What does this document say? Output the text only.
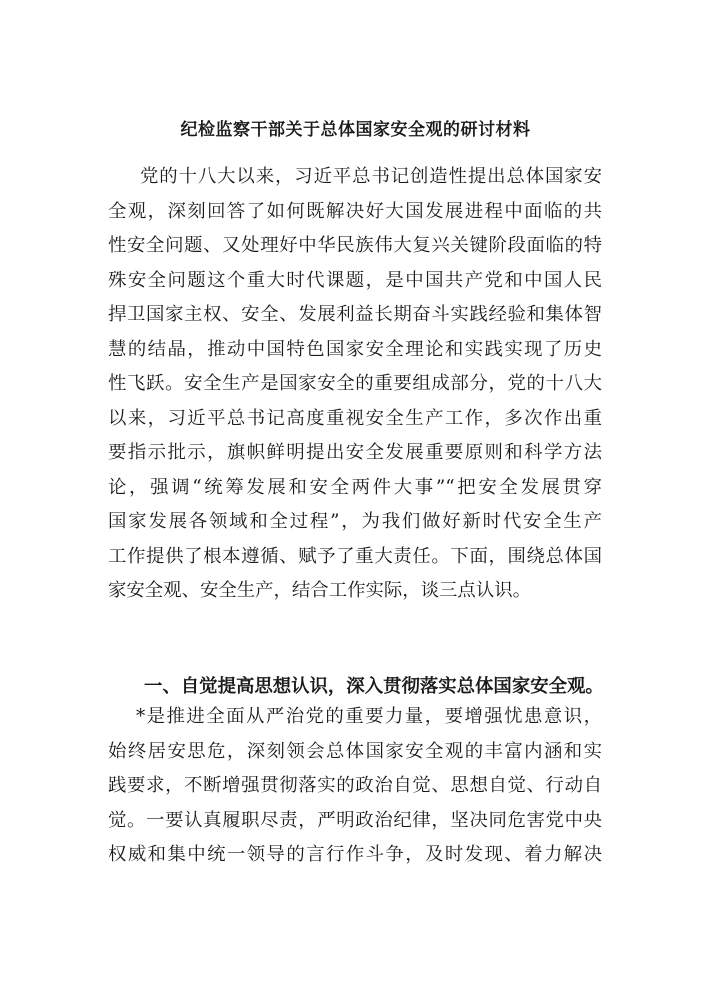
纪检监察干部关于总体国家安全观的研讨材料
党的十八大以来，习近平总书记创造性提出总体国家安
全观，深刻回答了如何既解决好大国发展进程中面临的共
性安全问题、又处理好中华民族伟大复兴关键阶段面临的特
殊安全问题这个重大时代课题，是中国共产党和中国人民
捍卫国家主权、安全、发展利益长期奋斗实践经验和集体智
慧的结晶，推动中国特色国家安全理论和实践实现了历史
性飞跃。安全生产是国家安全的重要组成部分，党的十八大
以来，习近平总书记高度重视安全生产工作，多次作出重
要指示批示，旗帜鲜明提出安全发展重要原则和科学方法
论，强调“统筹发展和安全两件大事”“把安全发展贯穿
国家发展各领域和全过程”，为我们做好新时代安全生产
工作提供了根本遵循、赋予了重大责任。下面，围绕总体国
家安全观、安全生产，结合工作实际，谈三点认识。
一、自觉提高思想认识，深入贯彻落实总体国家安全观。
*是推进全面从严治党的重要力量，要增强忧患意识，
始终居安思危，深刻领会总体国家安全观的丰富内涵和实
践要求，不断增强贯彻落实的政治自觉、思想自觉、行动自
觉。一要认真履职尽责，严明政治纪律，坚决同危害党中央
权威和集中统一领导的言行作斗争，及时发现、着力解决
